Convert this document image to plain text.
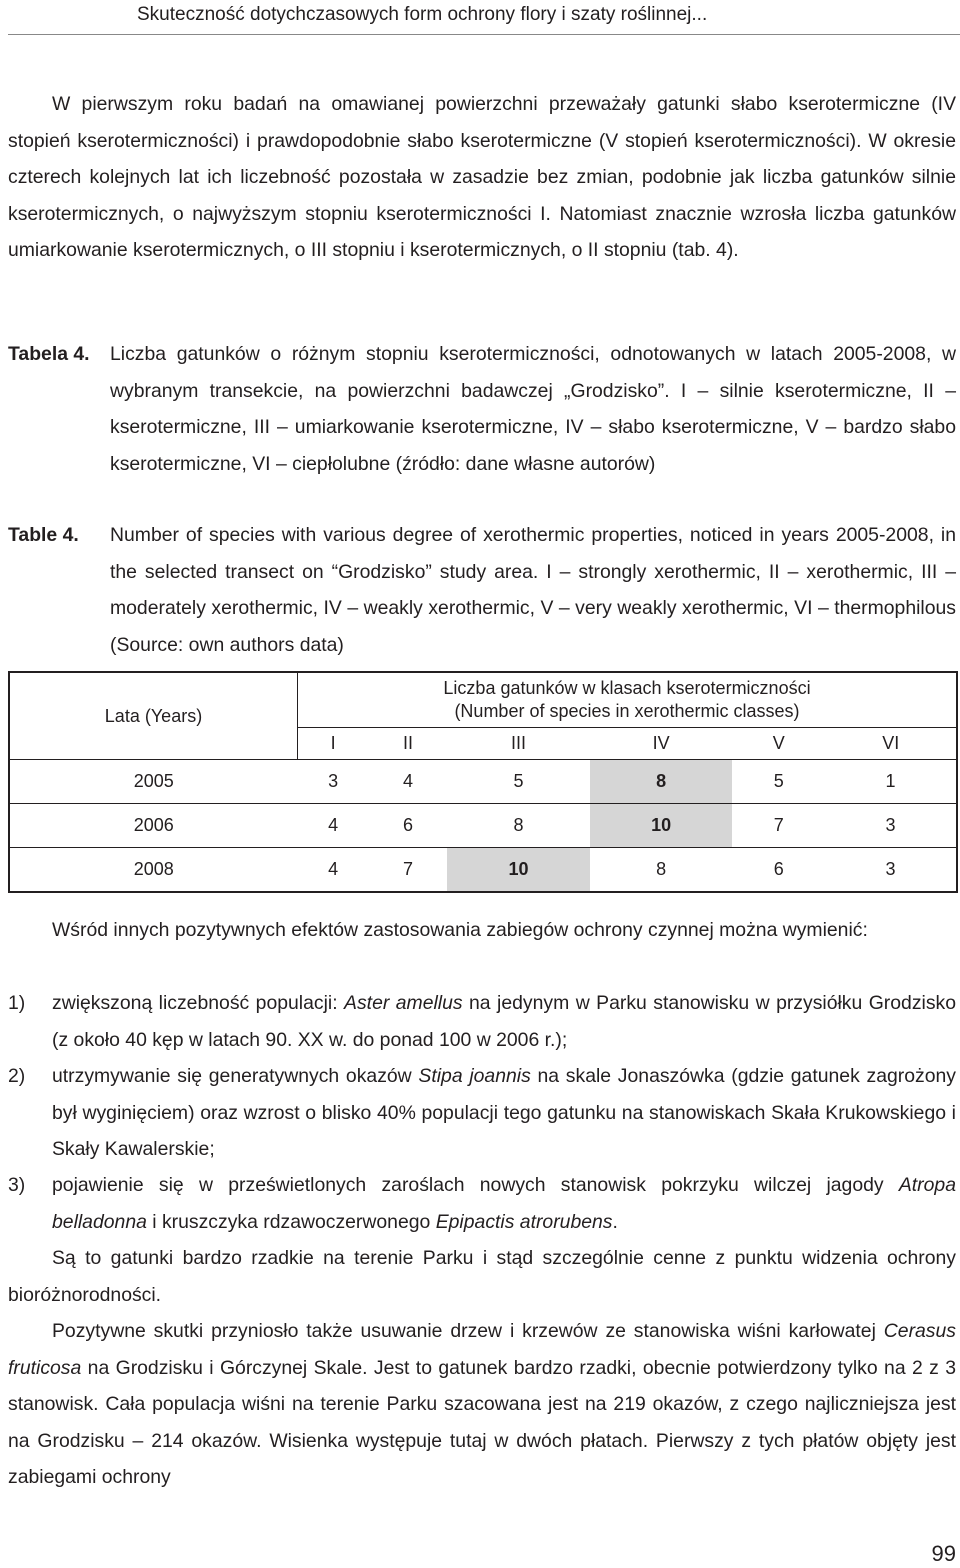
Skuteczność dotychczasowych form ochrony flory i szaty roślinnej...

W pierwszym roku badań na omawianej powierzchni przeważały gatunki słabo kserotermiczne (IV stopień kserotermiczności) i prawdopodobnie słabo kserotermiczne (V stopień kserotermiczności). W okresie czterech kolejnych lat ich liczebność pozostała w zasadzie bez zmian, podobnie jak liczba gatunków silnie kserotermicznych, o najwyższym stopniu kserotermiczności I. Natomiast znacznie wzrosła liczba gatunków umiarkowanie kserotermicznych, o III stopniu i kserotermicznych, o II stopniu (tab. 4).

Tabela 4. Liczba gatunków o różnym stopniu kserotermiczności, odnotowanych w latach 2005-2008, w wybranym transekcie, na powierzchni badawczej „Grodzisko”. I – silnie kserotermiczne, II – kserotermiczne, III – umiarkowanie kserotermiczne, IV – słabo kserotermiczne, V – bardzo słabo kserotermiczne, VI – ciepłolubne (źródło: dane własne autorów)

Table 4. Number of species with various degree of xerothermic properties, noticed in years 2005-2008, in the selected transect on “Grodzisko” study area. I – strongly xerothermic, II – xerothermic, III – moderately xerothermic, IV – weakly xerothermic, V – very weakly xerothermic, VI – thermophilous (Source: own authors data)

Lata (Years)	Liczba gatunków w klasach kserotermiczności
(Number of species in xerothermic classes)					
	I	II	III	IV	V	VI
2005	3	4	5	8	5	1
2006	4	6	8	10	7	3
2008	4	7	10	8	6	3

Wśród innych pozytywnych efektów zastosowania zabiegów ochrony czynnej można wymienić:

1) zwiększoną liczebność populacji: Aster amellus na jedynym w Parku stanowisku w przysiółku Grodzisko (z około 40 kęp w latach 90. XX w. do ponad 100 w 2006 r.);

2) utrzymywanie się generatywnych okazów Stipa joannis na skale Jonaszówka (gdzie gatunek zagrożony był wyginięciem) oraz wzrost o blisko 40% populacji tego gatunku na stanowiskach Skała Krukowskiego i Skały Kawalerskie;

3) pojawienie się w prześwietlonych zaroślach nowych stanowisk pokrzyku wilczej jagody Atropa belladonna i kruszczyka rdzawoczerwonego Epipactis atrorubens.

Są to gatunki bardzo rzadkie na terenie Parku i stąd szczególnie cenne z punktu widzenia ochrony bioróżnorodności.

Pozytywne skutki przyniosło także usuwanie drzew i krzewów ze stanowiska wiśni karłowatej Cerasus fruticosa na Grodzisku i Górczynej Skale. Jest to gatunek bardzo rzadki, obecnie potwierdzony tylko na 2 z 3 stanowisk. Cała populacja wiśni na terenie Parku szacowana jest na 219 okazów, z czego najliczniejsza jest na Grodzisku – 214 okazów. Wisienka występuje tutaj w dwóch płatach. Pierwszy z tych płatów objęty jest zabiegami ochrony

99
